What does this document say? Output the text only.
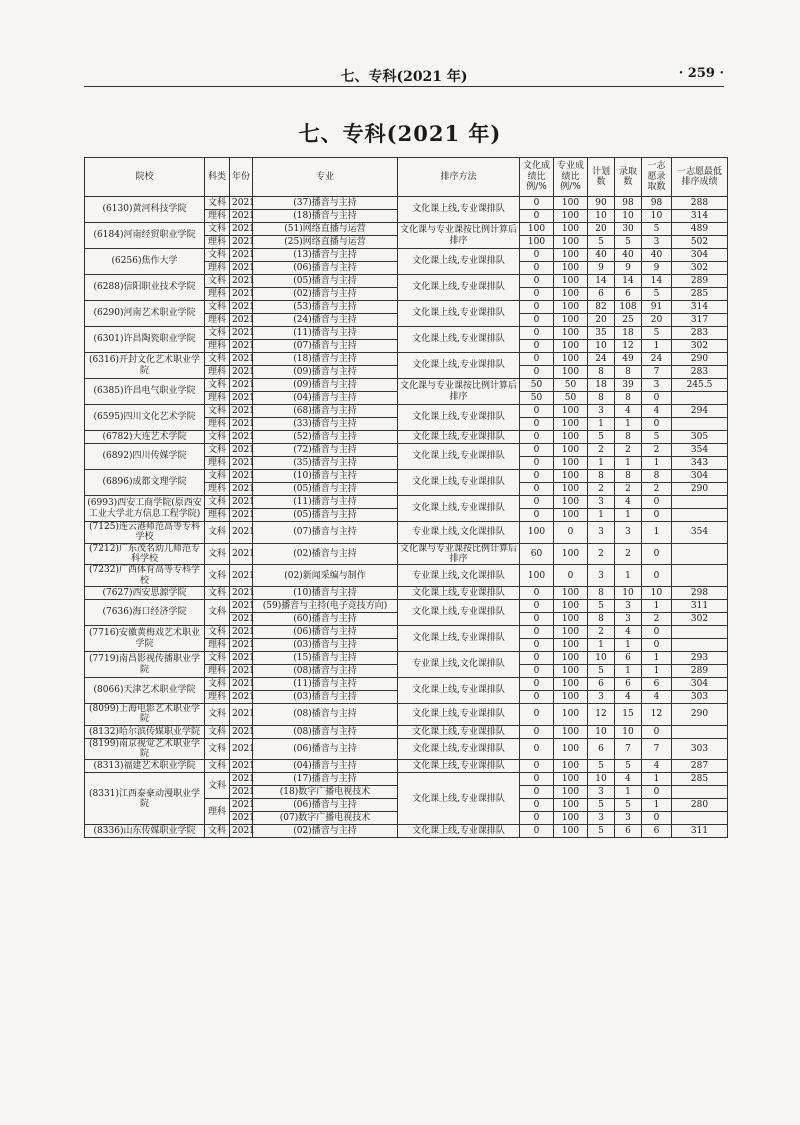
七、专科(2021 年)	· 259 ·
七、专科(2021 年)
院校	科类	年份	专业	排序方法	文化成绩比例/%	专业成绩比例/%	计划数	录取数	一志愿录取数	一志愿最低排序成绩
(6130)黄河科技学院	文科	2021	(37)播音与主持	文化课上线,专业课排队	0	100	90	98	98	288
	理科	2021	(18)播音与主持		0	100	10	10	10	314
(6184)河南经贸职业学院	文科	2021	(51)网络直播与运营	文化课与专业课按比例计算后排序	100	100	20	30	5	489
	理科	2021	(25)网络直播与运营		100	100	5	5	3	502
(6256)焦作大学	文科	2021	(13)播音与主持	文化课上线,专业课排队	0	100	40	40	40	304
	理科	2021	(06)播音与主持		0	100	9	9	9	302
(6288)信阳职业技术学院	文科	2021	(05)播音与主持	文化课上线,专业课排队	0	100	14	14	14	289
	理科	2021	(02)播音与主持		0	100	6	6	5	285
(6290)河南艺术职业学院	文科	2021	(53)播音与主持	文化课上线,专业课排队	0	100	82	108	91	314
	理科	2021	(24)播音与主持		0	100	20	25	20	317
(6301)许昌陶瓷职业学院	文科	2021	(11)播音与主持	文化课上线,专业课排队	0	100	35	18	5	283
	理科	2021	(07)播音与主持		0	100	10	12	1	302
(6316)开封文化艺术职业学院	文科	2021	(18)播音与主持	文化课上线,专业课排队	0	100	24	49	24	290
	理科	2021	(09)播音与主持		0	100	8	8	7	283
(6385)许昌电气职业学院	文科	2021	(09)播音与主持	文化课与专业课按比例计算后排序	50	50	18	39	3	245.5
	理科	2021	(04)播音与主持		50	50	8	8	0	
(6595)四川文化艺术学院	文科	2021	(68)播音与主持	文化课上线,专业课排队	0	100	3	4	4	294
	理科	2021	(33)播音与主持		0	100	1	1	0	
(6782)大连艺术学院	文科	2021	(52)播音与主持	文化课上线,专业课排队	0	100	5	8	5	305
(6892)四川传媒学院	文科	2021	(72)播音与主持	文化课上线,专业课排队	0	100	2	2	2	354
	理科	2021	(35)播音与主持		0	100	1	1	1	343
(6896)成都文理学院	文科	2021	(10)播音与主持	文化课上线,专业课排队	0	100	8	8	8	304
	理科	2021	(05)播音与主持		0	100	2	2	2	290
(6993)西安工商学院(原西安工业大学北方信息工程学院)	文科	2021	(11)播音与主持	文化课上线,专业课排队	0	100	3	4	0	
	理科	2021	(05)播音与主持		0	100	1	1	0	
(7125)连云港师范高等专科学校	文科	2021	(07)播音与主持	专业课上线,文化课排队	100	0	3	3	1	354
(7212)广东茂名幼儿师范专科学校	文科	2021	(02)播音与主持	文化课与专业课按比例计算后排序	60	100	2	2	0	
(7232)广西体育高等专科学校	文科	2021	(02)新闻采编与制作	专业课上线,文化课排队	100	0	3	1	0	
(7627)西安思源学院	文科	2021	(10)播音与主持	文化课上线,专业课排队	0	100	8	10	10	298
(7636)海口经济学院	文科	2021	(59)播音与主持(电子竞技方向)	文化课上线,专业课排队	0	100	5	3	1	311
		2021	(60)播音与主持		0	100	8	3	2	302
(7716)安徽黄梅戏艺术职业学院	文科	2021	(06)播音与主持	文化课上线,专业课排队	0	100	2	4	0	
	理科	2021	(03)播音与主持		0	100	1	1	0	
(7719)南昌影视传播职业学院	文科	2021	(15)播音与主持	专业课上线,文化课排队	0	100	10	6	1	293
	理科	2021	(08)播音与主持		0	100	5	1	1	289
(8066)天津艺术职业学院	文科	2021	(11)播音与主持	文化课上线,专业课排队	0	100	6	6	6	304
	理科	2021	(03)播音与主持		0	100	3	4	4	303
(8099)上海电影艺术职业学院	文科	2021	(08)播音与主持	文化课上线,专业课排队	0	100	12	15	12	290
(8132)哈尔滨传媒职业学院	文科	2021	(08)播音与主持	文化课上线,专业课排队	0	100	10	10	0	
(8199)南京视觉艺术职业学院	文科	2021	(06)播音与主持	文化课上线,专业课排队	0	100	6	7	7	303
(8313)福建艺术职业学院	文科	2021	(04)播音与主持	文化课上线,专业课排队	0	100	5	5	4	287
(8331)江西泰豪动漫职业学院	文科	2021	(17)播音与主持	文化课上线,专业课排队	0	100	10	4	1	285
		2021	(18)数字广播电视技术		0	100	3	1	0	
	理科	2021	(06)播音与主持		0	100	5	5	1	280
		2021	(07)数字广播电视技术		0	100	3	3	0	
(8336)山东传媒职业学院	文科	2021	(02)播音与主持	文化课上线,专业课排队	0	100	5	6	6	311
